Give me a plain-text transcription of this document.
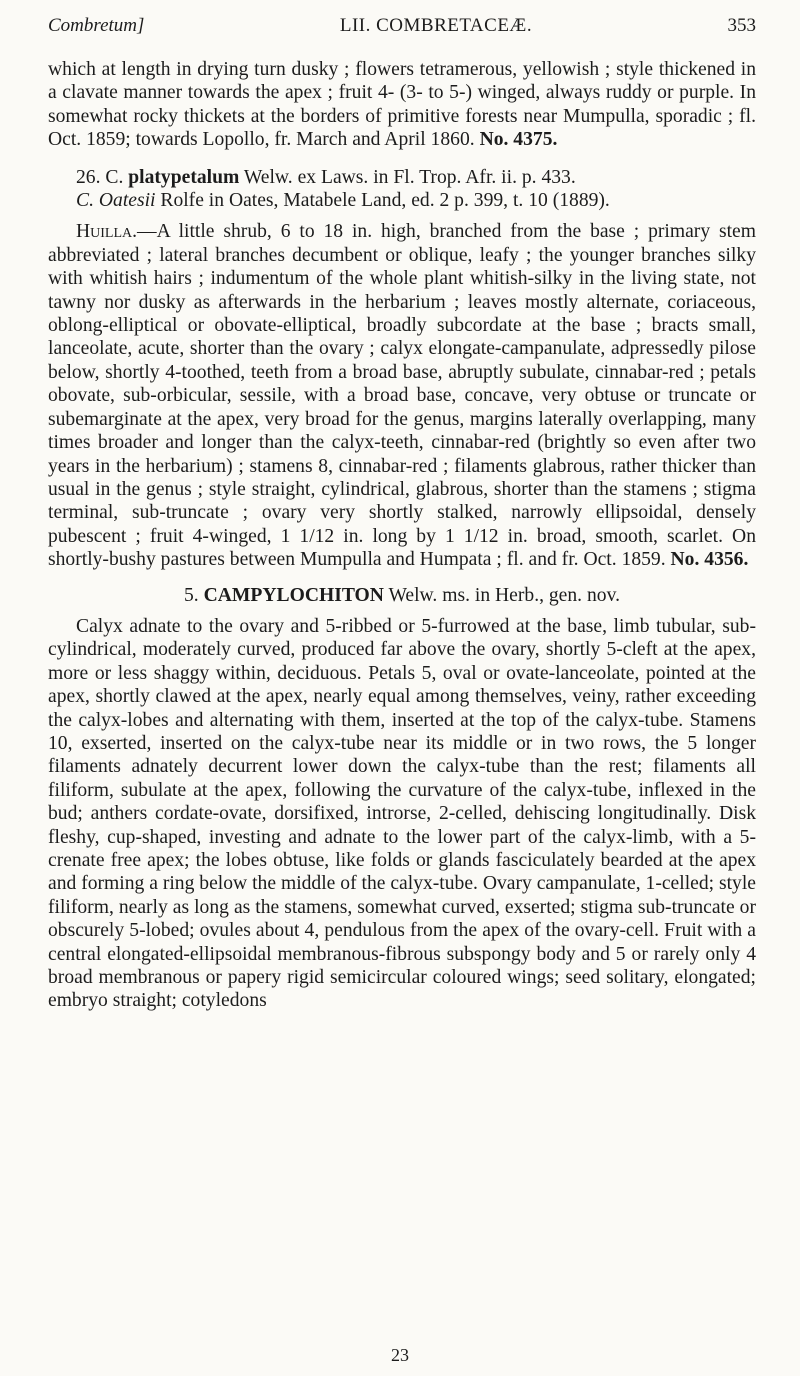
Combretum]	LII. COMBRETACEÆ.	353

which at length in drying turn dusky ; flowers tetramerous, yellowish ; style thickened in a clavate manner towards the apex ; fruit 4- (3- to 5-) winged, always ruddy or purple. In somewhat rocky thickets at the borders of primitive forests near Mumpulla, sporadic ; fl. Oct. 1859; towards Lopollo, fr. March and April 1860. No. 4375.

26. C. platypetalum Welw. ex Laws. in Fl. Trop. Afr. ii. p. 433.

C. Oatesii Rolfe in Oates, Matabele Land, ed. 2 p. 399, t. 10 (1889).

Huilla.—A little shrub, 6 to 18 in. high, branched from the base ; primary stem abbreviated ; lateral branches decumbent or oblique, leafy ; the younger branches silky with whitish hairs ; indumentum of the whole plant whitish-silky in the living state, not tawny nor dusky as afterwards in the herbarium ; leaves mostly alternate, coriaceous, oblong-elliptical or obovate-elliptical, broadly subcordate at the base ; bracts small, lanceolate, acute, shorter than the ovary ; calyx elongate-campanulate, adpressedly pilose below, shortly 4-toothed, teeth from a broad base, abruptly subulate, cinnabar-red ; petals obovate, sub-orbicular, sessile, with a broad base, concave, very obtuse or truncate or subemarginate at the apex, very broad for the genus, margins laterally overlapping, many times broader and longer than the calyx-teeth, cinnabar-red (brightly so even after two years in the herbarium) ; stamens 8, cinnabar-red ; filaments glabrous, rather thicker than usual in the genus ; style straight, cylindrical, glabrous, shorter than the stamens ; stigma terminal, sub-truncate ; ovary very shortly stalked, narrowly ellipsoidal, densely pubescent ; fruit 4-winged, 1 1/12 in. long by 1 1/12 in. broad, smooth, scarlet. On shortly-bushy pastures between Mumpulla and Humpata ; fl. and fr. Oct. 1859. No. 4356.

5. CAMPYLOCHITON Welw. ms. in Herb., gen. nov.

Calyx adnate to the ovary and 5-ribbed or 5-furrowed at the base, limb tubular, sub-cylindrical, moderately curved, produced far above the ovary, shortly 5-cleft at the apex, more or less shaggy within, deciduous. Petals 5, oval or ovate-lanceolate, pointed at the apex, shortly clawed at the apex, nearly equal among themselves, veiny, rather exceeding the calyx-lobes and alternating with them, inserted at the top of the calyx-tube. Stamens 10, exserted, inserted on the calyx-tube near its middle or in two rows, the 5 longer filaments adnately decurrent lower down the calyx-tube than the rest; filaments all filiform, subulate at the apex, following the curvature of the calyx-tube, inflexed in the bud; anthers cordate-ovate, dorsifixed, introrse, 2-celled, dehiscing longitudinally. Disk fleshy, cup-shaped, investing and adnate to the lower part of the calyx-limb, with a 5-crenate free apex; the lobes obtuse, like folds or glands fasciculately bearded at the apex and forming a ring below the middle of the calyx-tube. Ovary campanulate, 1-celled; style filiform, nearly as long as the stamens, somewhat curved, exserted; stigma sub-truncate or obscurely 5-lobed; ovules about 4, pendulous from the apex of the ovary-cell. Fruit with a central elongated-ellipsoidal membranous-fibrous subspongy body and 5 or rarely only 4 broad membranous or papery rigid semicircular coloured wings; seed solitary, elongated; embryo straight; cotyledons

23
